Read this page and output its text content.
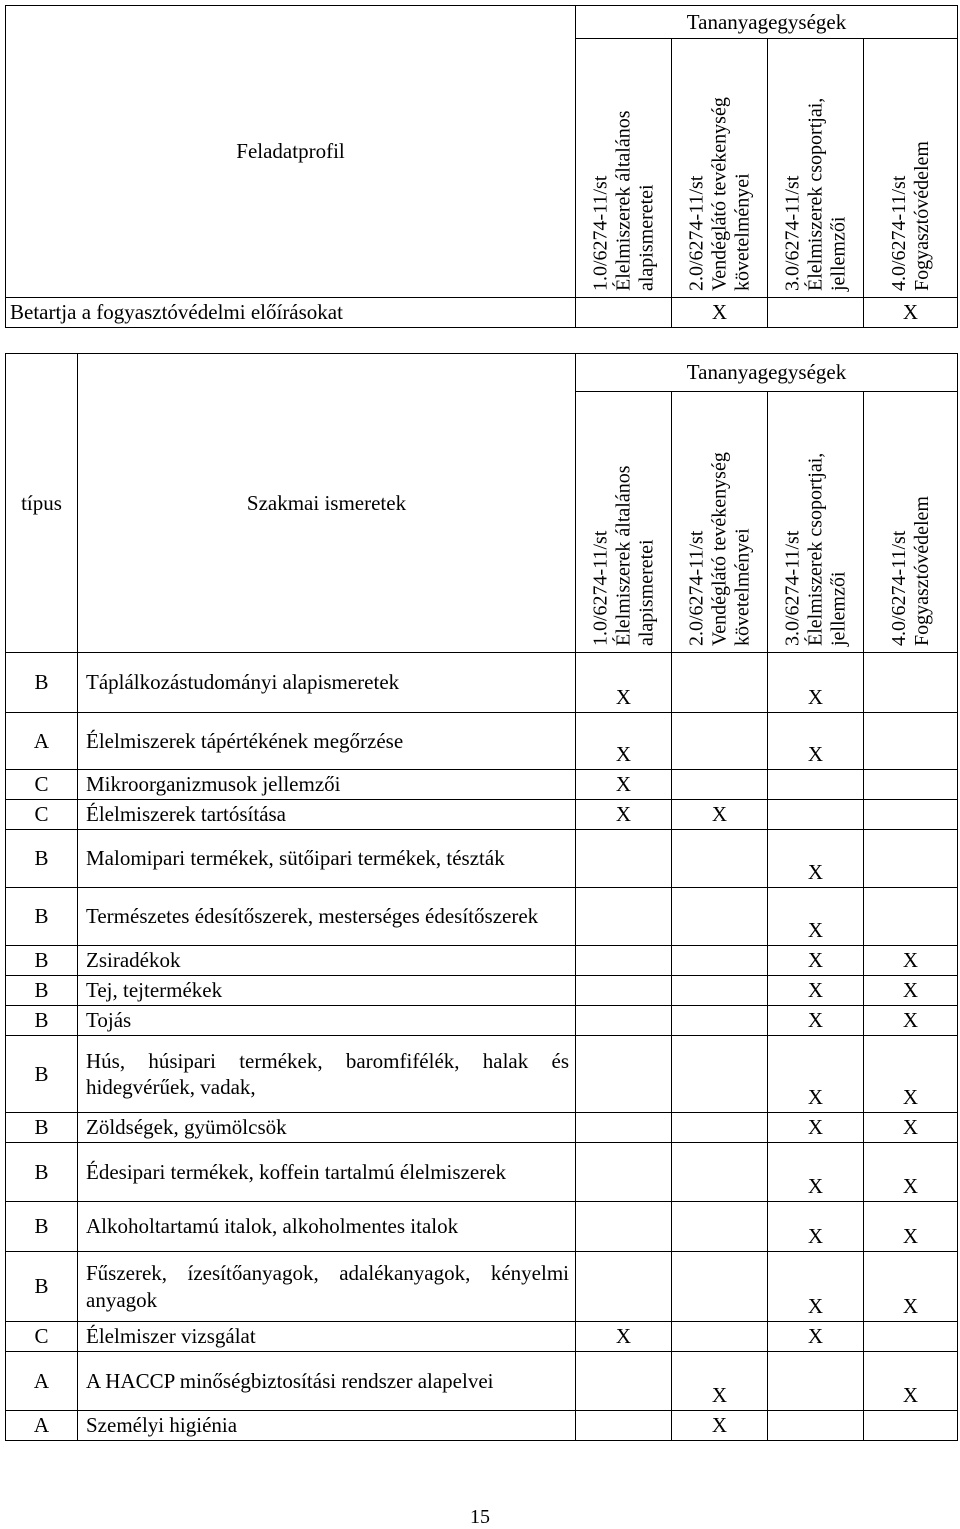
Feladatprofil	Tananyagegységek			

	1.0/6274-11/st Élelmiszerek általános alapismeretei	2.0/6274-11/st Vendéglátó tevékenység követelményei	3.0/6274-11/st Élelmiszerek csoportjai, jellemzői	4.0/6274-11/st Fogyasztóvédelem

Betartja a fogyasztóvédelmi előírásokat		X		X
típus	Szakmai ismeretek	Tananyagegységek			

		1.0/6274-11/st Élelmiszerek általános alapismeretei	2.0/6274-11/st Vendéglátó tevékenység követelményei	3.0/6274-11/st Élelmiszerek csoportjai, jellemzői	4.0/6274-11/st Fogyasztóvédelem

B	Táplálkozástudományi alapismeretek	X		X	
A	Élelmiszerek tápértékének megőrzése	X		X	
C	Mikroorganizmusok jellemzői	X			
C	Élelmiszerek tartósítása	X	X		
B	Malomipari termékek, sütőipari termékek, tészták			X	
B	Természetes édesítőszerek, mesterséges édesítőszerek			X	
B	Zsiradékok			X	X
B	Tej, tejtermékek			X	X
B	Tojás			X	X
B	Hús, húsipari termékek, baromfifélék, halak és hidegvérűek, vadak,			X	X
B	Zöldségek, gyümölcsök			X	X
B	Édesipari termékek, koffein tartalmú élelmiszerek			X	X
B	Alkoholtartamú italok, alkoholmentes italok			X	X
B	Fűszerek, ízesítőanyagok, adalékanyagok, kényelmi anyagok			X	X
C	Élelmiszer vizsgálat	X		X	
A	A HACCP minőségbiztosítási rendszer alapelvei		X		X
A	Személyi higiénia		X		
15
